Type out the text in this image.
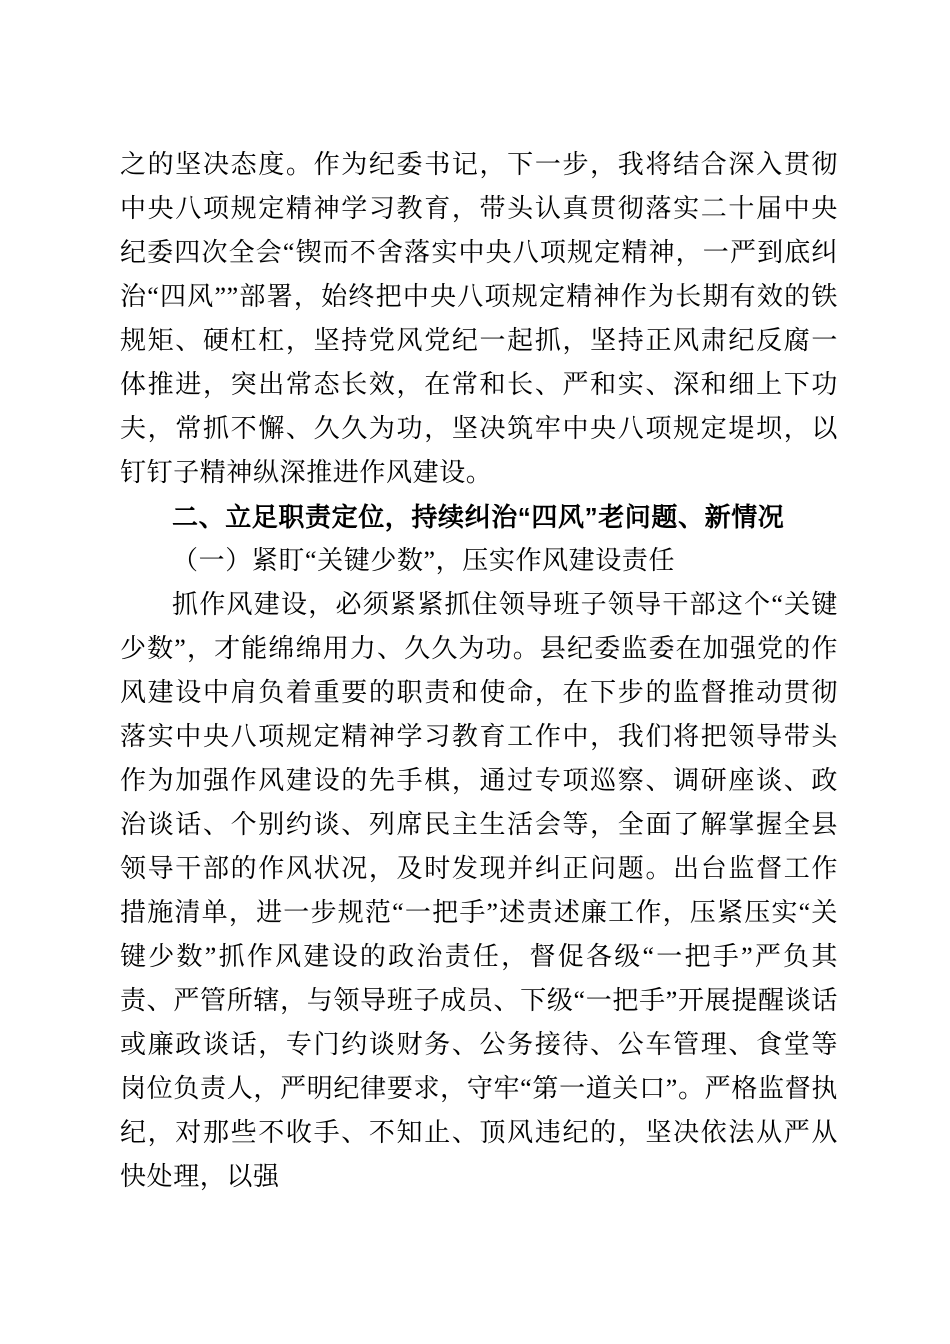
之的坚决态度。作为纪委书记，下一步，我将结合深入贯彻中央八项规定精神学习教育，带头认真贯彻落实二十届中央纪委四次全会“锲而不舍落实中央八项规定精神，一严到底纠治“四风””部署，始终把中央八项规定精神作为长期有效的铁规矩、硬杠杠，坚持党风党纪一起抓，坚持正风肃纪反腐一体推进，突出常态长效，在常和长、严和实、深和细上下功夫，常抓不懈、久久为功，坚决筑牢中央八项规定堤坝，以钉钉子精神纵深推进作风建设。

二、立足职责定位，持续纠治“四风”老问题、新情况
（一）紧盯“关键少数”，压实作风建设责任

抓作风建设，必须紧紧抓住领导班子领导干部这个“关键少数”，才能绵绵用力、久久为功。县纪委监委在加强党的作风建设中肩负着重要的职责和使命，在下步的监督推动贯彻落实中央八项规定精神学习教育工作中，我们将把领导带头作为加强作风建设的先手棋，通过专项巡察、调研座谈、政治谈话、个别约谈、列席民主生活会等，全面了解掌握全县领导干部的作风状况，及时发现并纠正问题。出台监督工作措施清单，进一步规范“一把手”述责述廉工作，压紧压实“关键少数”抓作风建设的政治责任，督促各级“一把手”严负其责、严管所辖，与领导班子成员、下级“一把手”开展提醒谈话或廉政谈话，专门约谈财务、公务接待、公车管理、食堂等岗位负责人，严明纪律要求，守牢“第一道关口”。严格监督执纪，对那些不收手、不知止、顶风违纪的，坚决依法从严从快处理，以强
